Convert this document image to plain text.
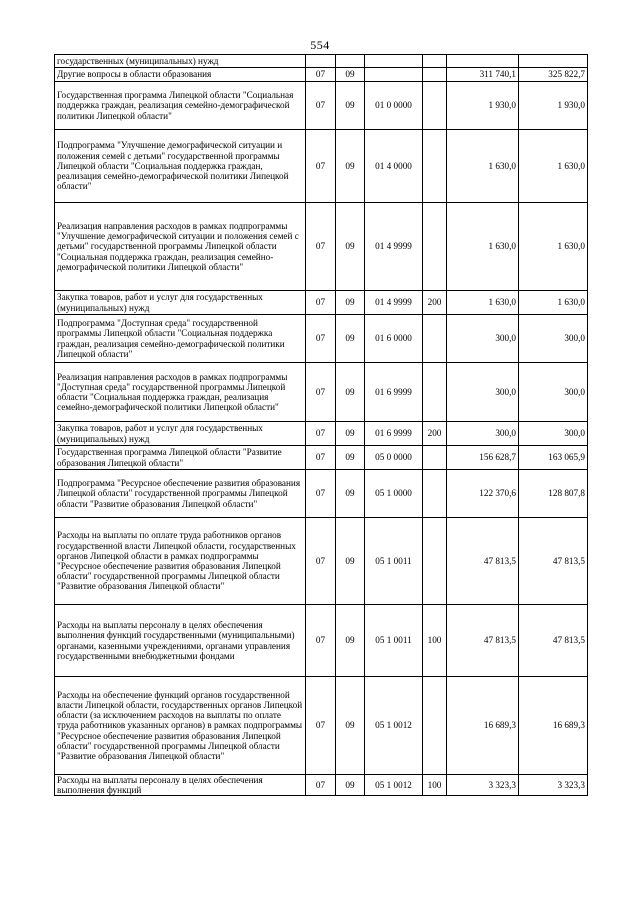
554
государственных (муниципальных) нужд						
Другие вопросы в области образования	07	09			311 740,1	325 822,7
Государственная программа Липецкой области "Социальная поддержка граждан, реализация семейно-демографической политики Липецкой области"	07	09	01 0 0000		1 930,0	1 930,0
Подпрограмма "Улучшение демографической ситуации и положения семей с детьми" государственной программы Липецкой области "Социальная поддержка граждан, реализация семейно-демографической политики Липецкой области"	07	09	01 4 0000		1 630,0	1 630,0
Реализация направления расходов в рамках подпрограммы "Улучшение демографической ситуации и положения семей с детьми" государственной программы Липецкой области "Социальная поддержка граждан, реализация семейно-демографической политики Липецкой области"	07	09	01 4 9999		1 630,0	1 630,0
Закупка товаров, работ и услуг для государственных (муниципальных) нужд	07	09	01 4 9999	200	1 630,0	1 630,0
Подпрограмма "Доступная среда" государственной программы Липецкой области "Социальная поддержка граждан, реализация семейно-демографической политики Липецкой области"	07	09	01 6 0000		300,0	300,0
Реализация направления расходов в рамках подпрограммы "Доступная среда" государственной программы Липецкой области "Социальная поддержка граждан, реализация семейно-демографической политики Липецкой области"	07	09	01 6 9999		300,0	300,0
Закупка товаров, работ и услуг для государственных (муниципальных) нужд	07	09	01 6 9999	200	300,0	300,0
Государственная программа Липецкой области "Развитие образования Липецкой области"	07	09	05 0 0000		156 628,7	163 065,9
Подпрограмма "Ресурсное обеспечение развития образования Липецкой области" государственной программы Липецкой области "Развитие образования Липецкой области"	07	09	05 1 0000		122 370,6	128 807,8
Расходы на выплаты по оплате труда работников органов государственной власти Липецкой области, государственных органов Липецкой области в рамках подпрограммы "Ресурсное обеспечение развития образования Липецкой области" государственной программы Липецкой области "Развитие образования Липецкой области"	07	09	05 1 0011		47 813,5	47 813,5
Расходы на выплаты персоналу в целях обеспечения выполнения функций государственными (муниципальными) органами, казенными учреждениями, органами управления государственными внебюджетными фондами	07	09	05 1 0011	100	47 813,5	47 813,5
Расходы на обеспечение функций органов государственной власти Липецкой области, государственных органов Липецкой области (за исключением расходов на выплаты по оплате труда работников указанных органов) в рамках подпрограммы "Ресурсное обеспечение развития образования Липецкой области" государственной программы Липецкой области "Развитие образования Липецкой области"	07	09	05 1 0012		16 689,3	16 689,3
Расходы на выплаты персоналу в целях обеспечения выполнения функций	07	09	05 1 0012	100	3 323,3	3 323,3
